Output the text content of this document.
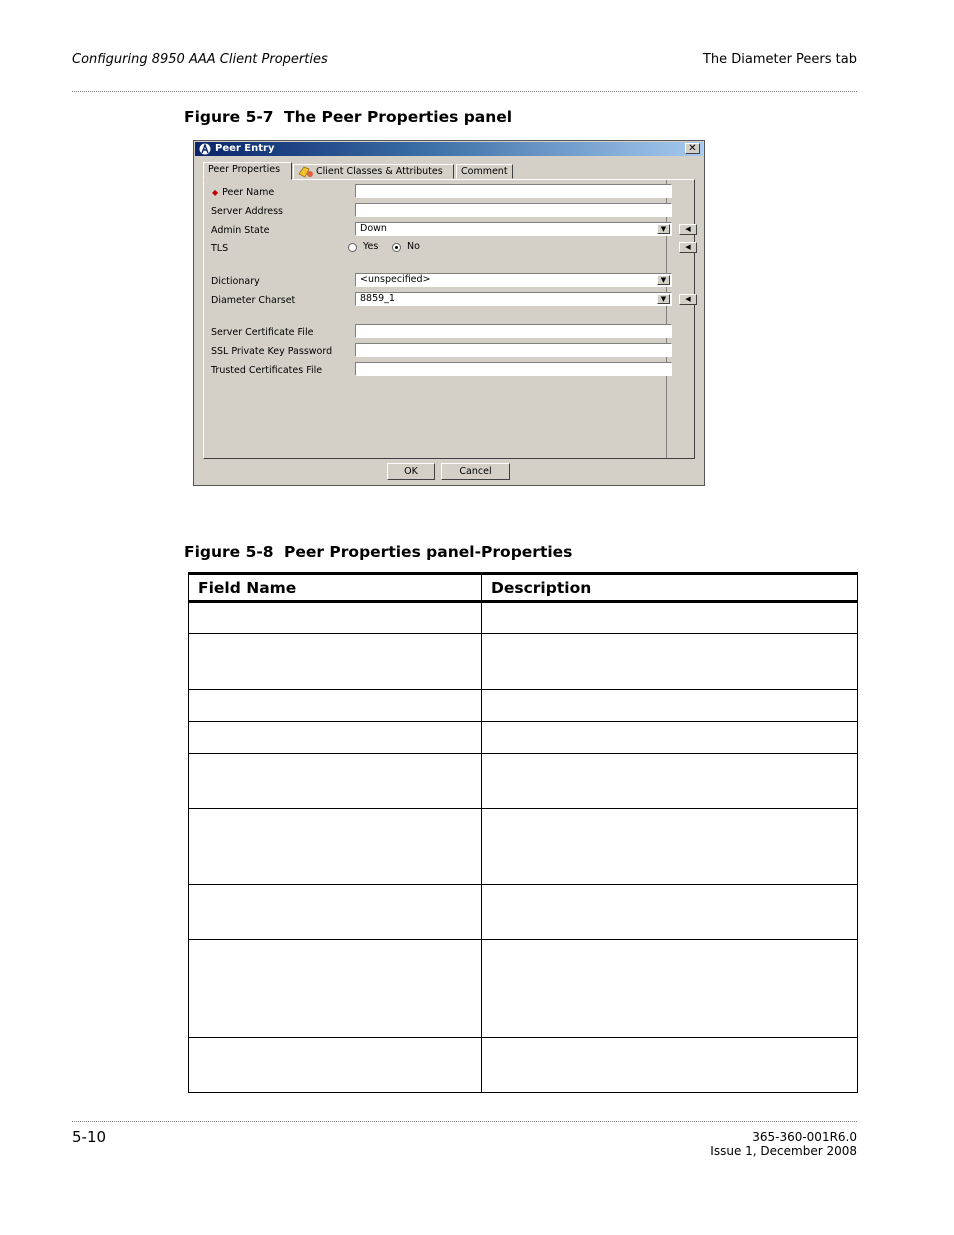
Configuring 8950 AAA Client Properties	The Diameter Peers tab
Figure 5-7 The Peer Properties panel
Peer Entry	✕
Peer Properties	Client Classes & Attributes	Comment
◆ Peer Name
Server Address
Admin State	Down	▼	◀
TLS	Yes	No	◀
Dictionary	<unspecified>	▼
Diameter Charset	8859_1	▼	◀
Server Certificate File
SSL Private Key Password
Trusted Certificates File
OK	Cancel
Figure 5-8 Peer Properties panel-Properties
Field Name	Description

5-10	365-360-001R6.0
Issue 1, December 2008
